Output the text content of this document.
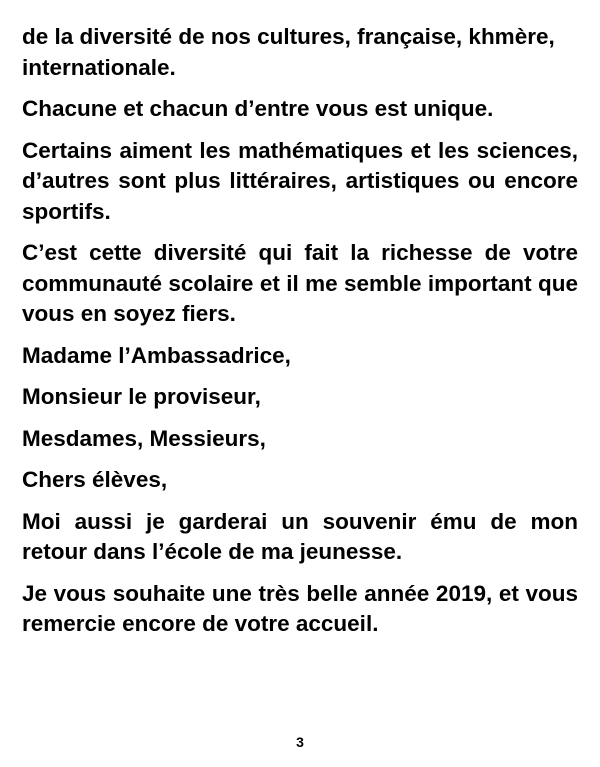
de la diversité de nos cultures, française, khmère, internationale.

Chacune et chacun d’entre vous est unique.

Certains aiment les mathématiques et les sciences, d’autres sont plus littéraires, artistiques ou encore sportifs.

C’est cette diversité qui fait la richesse de votre communauté scolaire et il me semble important que vous en soyez fiers.

Madame l’Ambassadrice,

Monsieur le proviseur,

Mesdames, Messieurs,

Chers élèves,

Moi aussi je garderai un souvenir ému de mon retour dans l’école de ma jeunesse.

Je vous souhaite une très belle année 2019, et vous remercie encore de votre accueil.

3
